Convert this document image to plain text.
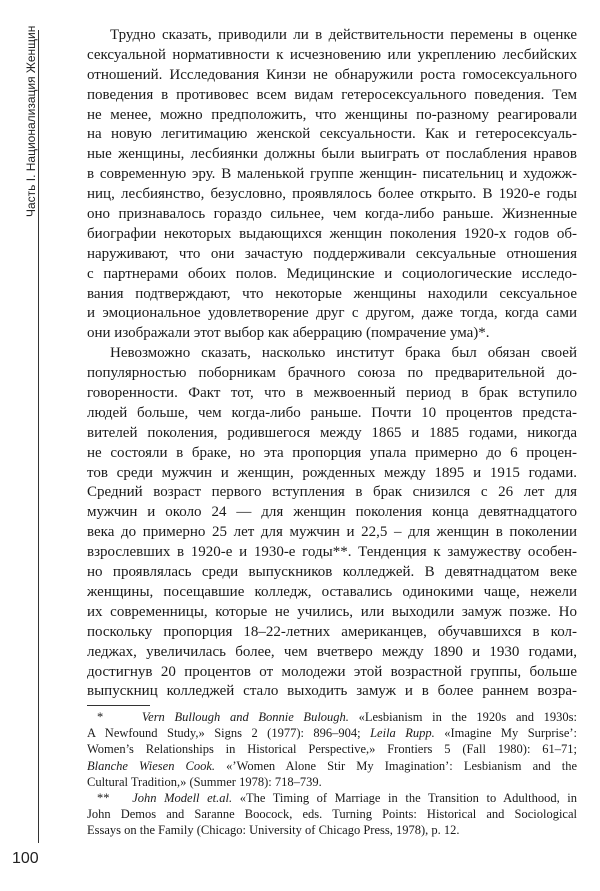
Часть I. Национализация Женщин	Трудно сказать, приводили ли в действительности перемены в оценке
сексуальной нормативности к исчезновению или укреплению лесбийских
отношений. Исследования Кинзи не обнаружили роста гомосексуального
поведения в противовес всем видам гетеросексуального поведения. Тем
не менее, можно предположить, что женщины по-разному реагировали
на новую легитимацию женской сексуальности. Как и гетеросексуаль-
ные женщины, лесбиянки должны были выиграть от послабления нравов
в современную эру. В маленькой группе женщин- писательниц и художж-
ниц, лесбиянство, безусловно, проявлялось более открыто. В 1920-е годы
оно признавалось гораздо сильнее, чем когда-либо раньше. Жизненные
биографии некоторых выдающихся женщин поколения 1920-х годов об-
наруживают, что они зачастую поддерживали сексуальные отношения
с партнерами обоих полов. Медицинские и социологические исследо-
вания подтверждают, что некоторые женщины находили сексуальное
и эмоциональное удовлетворение друг с другом, даже тогда, когда сами
они изображали этот выбор как аберрацию (помрачение ума)*.
Невозможно сказать, насколько институт брака был обязан своей
популярностью поборникам брачного союза по предварительной до-
говоренности. Факт тот, что в межвоенный период в брак вступило
людей больше, чем когда-либо раньше. Почти 10 процентов предста-
вителей поколения, родившегося между 1865 и 1885 годами, никогда
не состояли в браке, но эта пропорция упала примерно до 6 процен-
тов среди мужчин и женщин, рожденных между 1895 и 1915 годами.
Средний возраст первого вступления в брак снизился с 26 лет для
мужчин и около 24 — для женщин поколения конца девятнадцатого
века до примерно 25 лет для мужчин и 22,5 – для женщин в поколении
взрослевших в 1920-е и 1930-е годы**. Тенденция к замужеству особен-
но проявлялась среди выпускников колледжей. В девятнадцатом веке
женщины, посещавшие колледж, оставались одинокими чаще, нежели
их современницы, которые не учились, или выходили замуж позже. Но
поскольку пропорция 18–22-летних американцев, обучавшихся в кол-
леджах, увеличилась более, чем вчетверо между 1890 и 1930 годами,
достигнув 20 процентов от молодежи этой возрастной группы, больше
выпускниц колледжей стало выходить замуж и в более раннем возра-
*	Vern Bullough and Bonnie Bulough. «Lesbianism in the 1920s and 1930s:
A Newfound Study,» Signs 2 (1977): 896–904; Leila Rupp. «Imagine My Surprise’:
Women’s Relationships in Historical Perspective,» Frontiers 5 (Fall 1980): 61–71;
Blanche Wiesen Cook. «’Women Alone Stir My Imagination’: Lesbianism and the
Cultural Tradition,» (Summer 1978): 718–739.
** John Modell et.al. «The Timing of Marriage in the Transition to Adulthood, in
John Demos and Saranne Boocock, eds. Turning Points: Historical and Sociological
Essays on the Family (Chicago: University of Chicago Press, 1978), p. 12.
100
